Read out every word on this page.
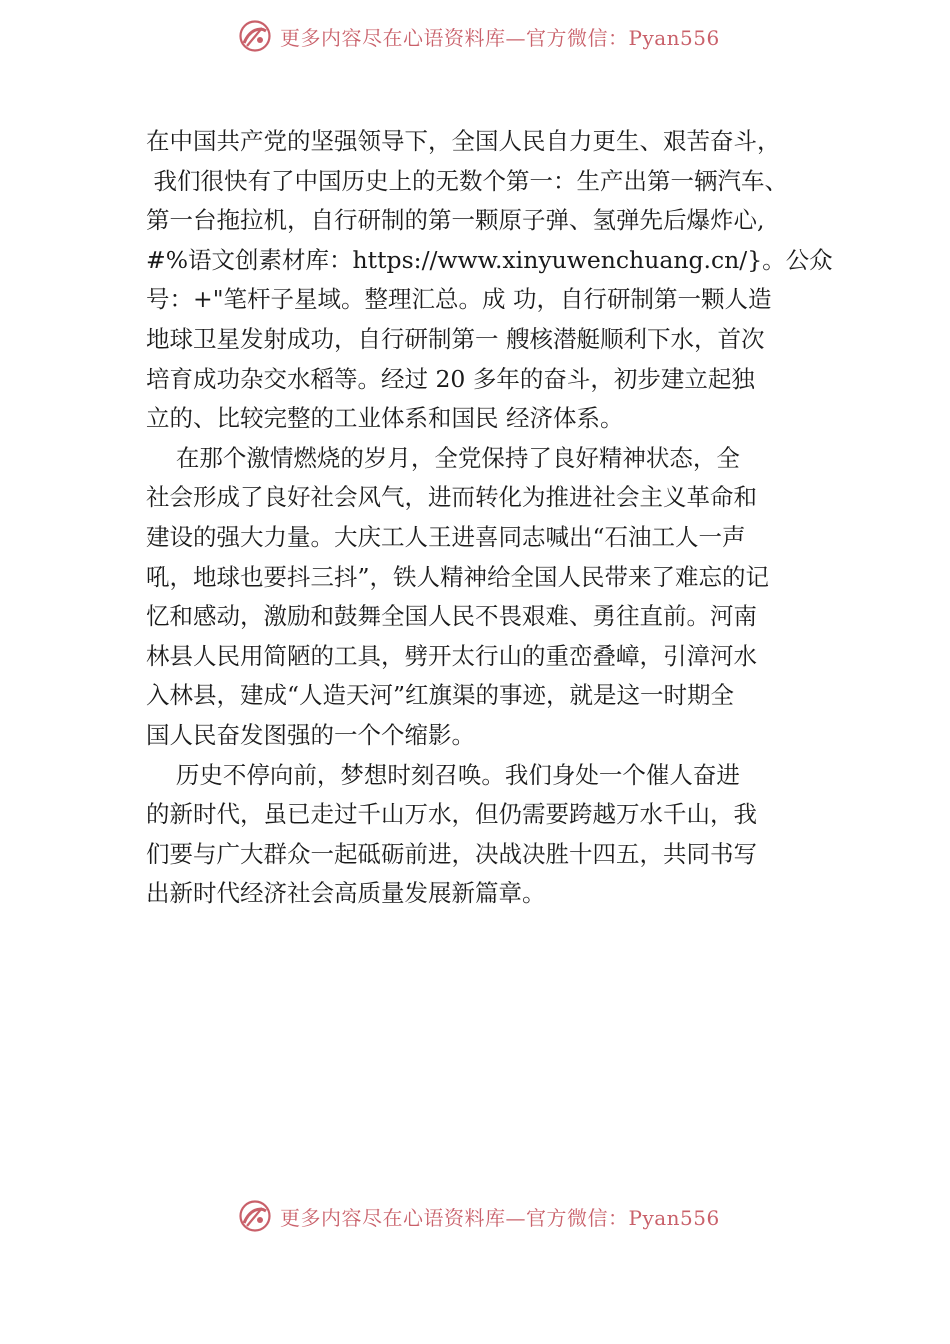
更多内容尽在心语资料库—官方微信：Pyan556
在中国共产党的坚强领导下，全国人民自力更生、艰苦奋斗，
我们很快有了中国历史上的无数个第一：生产出第一辆汽车、
第一台拖拉机，自行研制的第一颗原子弹、氢弹先后爆炸心,
#%语文创素材库：https://www.xinyuwenchuang.cn/}。公众
号：+"笔杆子星域。整理汇总。成 功，自行研制第一颗人造
地球卫星发射成功，自行研制第一 艘核潜艇顺利下水，首次
培育成功杂交水稻等。经过 20 多年的奋斗，初步建立起独
立的、比较完整的工业体系和国民 经济体系。
在那个激情燃烧的岁月，全党保持了良好精神状态，全
社会形成了良好社会风气，进而转化为推进社会主义革命和
建设的强大力量。大庆工人王进喜同志喊出“石油工人一声
吼，地球也要抖三抖”，铁人精神给全国人民带来了难忘的记
忆和感动，激励和鼓舞全国人民不畏艰难、勇往直前。河南
林县人民用简陋的工具，劈开太行山的重峦叠嶂，引漳河水
入林县，建成“人造天河”红旗渠的事迹，就是这一时期全
国人民奋发图强的一个个缩影。
历史不停向前，梦想时刻召唤。我们身处一个催人奋进
的新时代，虽已走过千山万水，但仍需要跨越万水千山，我
们要与广大群众一起砥砺前进，决战决胜十四五，共同书写
出新时代经济社会高质量发展新篇章。
更多内容尽在心语资料库—官方微信：Pyan556
